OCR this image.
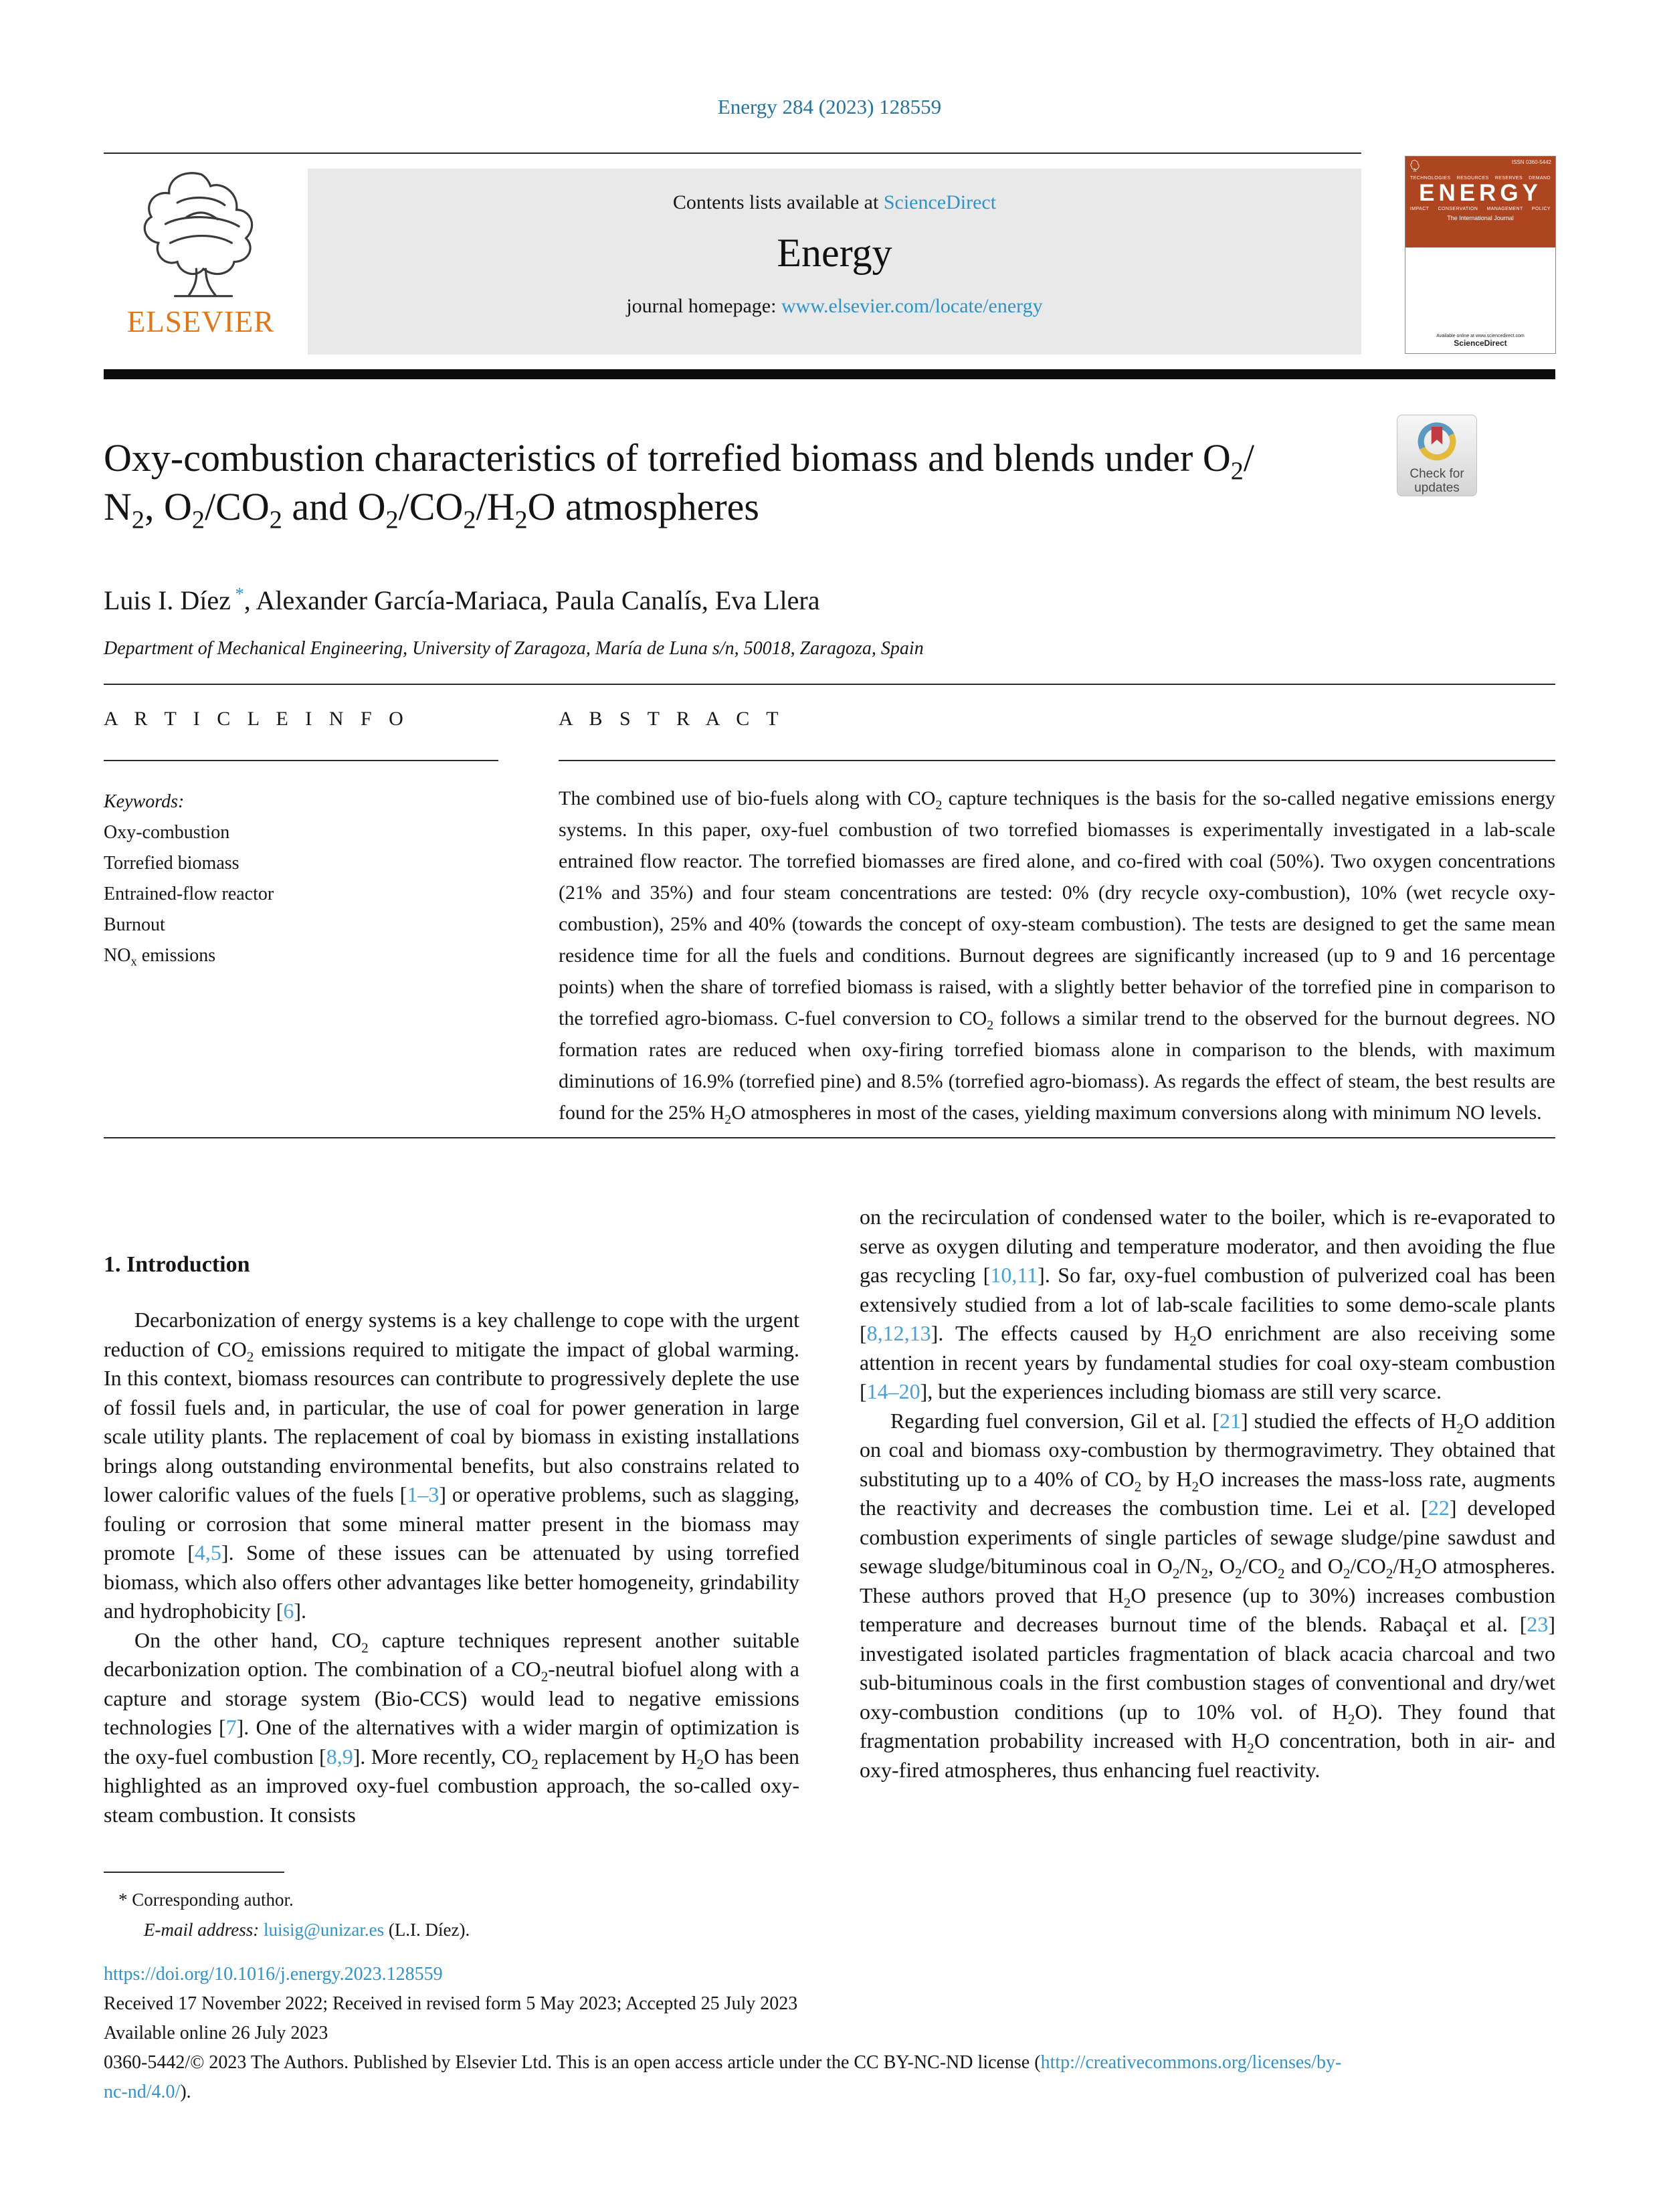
Energy 284 (2023) 128559
ELSEVIER
Contents lists available at ScienceDirect
Energy
journal homepage: www.elsevier.com/locate/energy
ISSN 0360-5442
TECHNOLOGIES RESOURCES RESERVES DEMAND
ENERGY
IMPACT CONSERVATION MANAGEMENT POLICY
The International Journal
Available online at www.sciencedirect.com
ScienceDirect
Check for
updates
Oxy-combustion characteristics of torrefied biomass and blends under $O_2/$
$N_2$, $O_2/CO_2$ and $O_2/CO_2/H_2O$ atmospheres
Luis I. Díez *, Alexander García-Mariaca, Paula Canalís, Eva Llera
Department of Mechanical Engineering, University of Zaragoza, María de Luna s/n, 50018, Zaragoza, Spain
A R T I C L E I N F O	A B S T R A C T
Keywords:
Oxy-combustion
Torrefied biomass
Entrained-flow reactor
Burnout
$NO_x$ emissions
The combined use of bio-fuels along with $CO_2$ capture techniques is the basis for the so-called negative emissions energy systems. In this paper, oxy-fuel combustion of two torrefied biomasses is experimentally investigated in a lab-scale entrained flow reactor. The torrefied biomasses are fired alone, and co-fired with coal (50%). Two oxygen concentrations (21% and 35%) and four steam concentrations are tested: 0% (dry recycle oxy-combustion), 10% (wet recycle oxy-combustion), 25% and 40% (towards the concept of oxy-steam combustion). The tests are designed to get the same mean residence time for all the fuels and conditions. Burnout degrees are significantly increased (up to 9 and 16 percentage points) when the share of torrefied biomass is raised, with a slightly better behavior of the torrefied pine in comparison to the torrefied agro-biomass. C-fuel conversion to $CO_2$ follows a similar trend to the observed for the burnout degrees. NO formation rates are reduced when oxy-firing torrefied biomass alone in comparison to the blends, with maximum diminutions of 16.9% (torrefied pine) and 8.5% (torrefied agro-biomass). As regards the effect of steam, the best results are found for the 25% $H_2O$ atmospheres in most of the cases, yielding maximum conversions along with minimum NO levels.
1. Introduction
Decarbonization of energy systems is a key challenge to cope with the urgent reduction of $CO_2$ emissions required to mitigate the impact of global warming. In this context, biomass resources can contribute to progressively deplete the use of fossil fuels and, in particular, the use of coal for power generation in large scale utility plants. The replacement of coal by biomass in existing installations brings along outstanding environmental benefits, but also constrains related to lower calorific values of the fuels [1–3] or operative problems, such as slagging, fouling or corrosion that some mineral matter present in the biomass may promote [4,5]. Some of these issues can be attenuated by using torrefied biomass, which also offers other advantages like better homogeneity, grindability and hydrophobicity [6].
On the other hand, $CO_2$ capture techniques represent another suitable decarbonization option. The combination of a $CO_2$-neutral biofuel along with a capture and storage system (Bio-CCS) would lead to negative emissions technologies [7]. One of the alternatives with a wider margin of optimization is the oxy-fuel combustion [8,9]. More recently, $CO_2$ replacement by $H_2O$ has been highlighted as an improved oxy-fuel combustion approach, the so-called oxy-steam combustion. It consists
on the recirculation of condensed water to the boiler, which is re-evaporated to serve as oxygen diluting and temperature moderator, and then avoiding the flue gas recycling [10,11]. So far, oxy-fuel combustion of pulverized coal has been extensively studied from a lot of lab-scale facilities to some demo-scale plants [8,12,13]. The effects caused by $H_2O$ enrichment are also receiving some attention in recent years by fundamental studies for coal oxy-steam combustion [14–20], but the experiences including biomass are still very scarce.
Regarding fuel conversion, Gil et al. [21] studied the effects of $H_2O$ addition on coal and biomass oxy-combustion by thermogravimetry. They obtained that substituting up to a 40% of $CO_2$ by $H_2O$ increases the mass-loss rate, augments the reactivity and decreases the combustion time. Lei et al. [22] developed combustion experiments of single particles of sewage sludge/pine sawdust and sewage sludge/bituminous coal in $O_2/N_2$, $O_2/CO_2$ and $O_2/CO_2/H_2O$ atmospheres. These authors proved that $H_2O$ presence (up to 30%) increases combustion temperature and decreases burnout time of the blends. Rabaçal et al. [23] investigated isolated particles fragmentation of black acacia charcoal and two sub-bituminous coals in the first combustion stages of conventional and dry/wet oxy-combustion conditions (up to 10% vol. of $H_2O$). They found that fragmentation probability increased with $H_2O$ concentration, both in air- and oxy-fired atmospheres, thus enhancing fuel reactivity.
* Corresponding author.
E-mail address: luisig@unizar.es (L.I. Díez).
https://doi.org/10.1016/j.energy.2023.128559
Received 17 November 2022; Received in revised form 5 May 2023; Accepted 25 July 2023
Available online 26 July 2023
0360-5442/© 2023 The Authors. Published by Elsevier Ltd. This is an open access article under the CC BY-NC-ND license (http://creativecommons.org/licenses/by-
nc-nd/4.0/).
